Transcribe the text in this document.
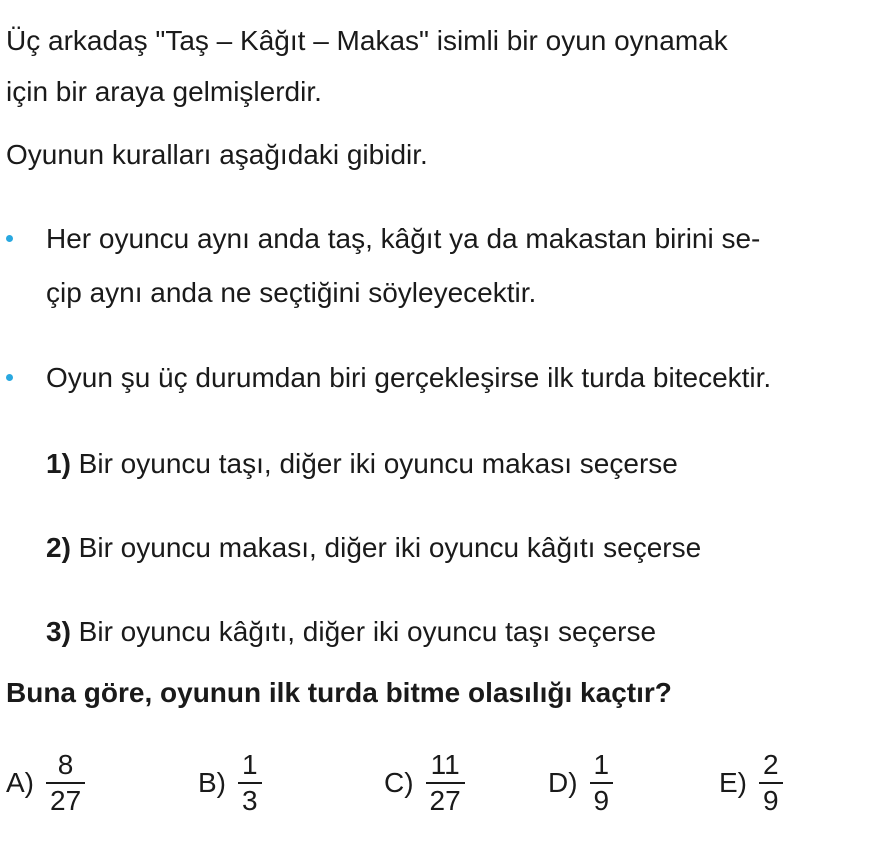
Üç arkadaş "Taş – Kâğıt – Makas" isimli bir oyun oynamak
için bir araya gelmişlerdir.
Oyunun kuralları aşağıdaki gibidir.
Her oyuncu aynı anda taş, kâğıt ya da makastan birini se-
çip aynı anda ne seçtiğini söyleyecektir.
Oyun şu üç durumdan biri gerçekleşirse ilk turda bitecektir.
1) Bir oyuncu taşı, diğer iki oyuncu makası seçerse
2) Bir oyuncu makası, diğer iki oyuncu kâğıtı seçerse
3) Bir oyuncu kâğıtı, diğer iki oyuncu taşı seçerse
Buna göre, oyunun ilk turda bitme olasılığı kaçtır?
$A) \frac{8}{27}$	$B) \frac{1}{3}$	$C) \frac{11}{27}$	$D) \frac{1}{9}$	$E) \frac{2}{9}$
